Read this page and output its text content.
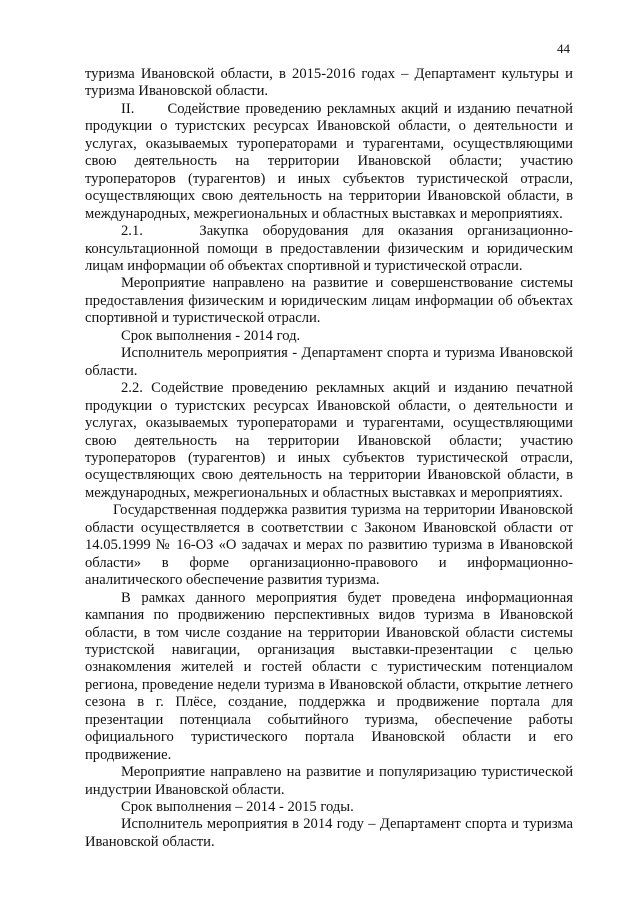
44

туризма Ивановской области, в 2015-2016 годах – Департамент культуры и туризма Ивановской области.

II.      Содействие проведению рекламных акций и изданию печатной продукции о туристских ресурсах Ивановской области, о деятельности и услугах, оказываемых туроператорами и турагентами, осуществляющими свою деятельность на территории Ивановской области; участию туроператоров (турагентов) и иных субъектов туристической отрасли, осуществляющих свою деятельность на территории Ивановской области, в международных, межрегиональных и областных выставках и мероприятиях.

2.1.    Закупка оборудования для оказания организационно-консультационной помощи в предоставлении физическим и юридическим лицам информации об объектах спортивной и туристической отрасли.

Мероприятие направлено на развитие и совершенствование системы предоставления физическим и юридическим лицам информации об объектах спортивной и туристической отрасли.

Срок выполнения - 2014 год.

Исполнитель мероприятия - Департамент спорта и туризма Ивановской области.

2.2. Содействие проведению рекламных акций и изданию печатной продукции о туристских ресурсах Ивановской области, о деятельности и услугах, оказываемых туроператорами и турагентами, осуществляющими свою деятельность на территории Ивановской области; участию туроператоров (турагентов) и иных субъектов туристической отрасли, осуществляющих свою деятельность на территории Ивановской области, в международных, межрегиональных и областных выставках и мероприятиях.

Государственная поддержка развития туризма на территории Ивановской области осуществляется в соответствии с Законом Ивановской области от 14.05.1999 № 16-ОЗ «О задачах и мерах по развитию туризма в Ивановской области» в форме организационно-правового и информационно-аналитического обеспечение развития туризма.

В рамках данного мероприятия будет проведена информационная кампания по продвижению перспективных видов туризма в Ивановской области, в том числе создание на территории Ивановской области системы туристской навигации, организация выставки-презентации с целью ознакомления жителей и гостей области с туристическим потенциалом региона, проведение недели туризма в Ивановской области, открытие летнего сезона в г. Плёсе, создание, поддержка и продвижение портала для презентации потенциала событийного туризма, обеспечение работы официального туристического портала Ивановской области и его продвижение.

Мероприятие направлено на развитие и популяризацию туристической индустрии Ивановской области.

Срок выполнения – 2014 - 2015 годы.

Исполнитель мероприятия в 2014 году – Департамент спорта и туризма Ивановской области.
